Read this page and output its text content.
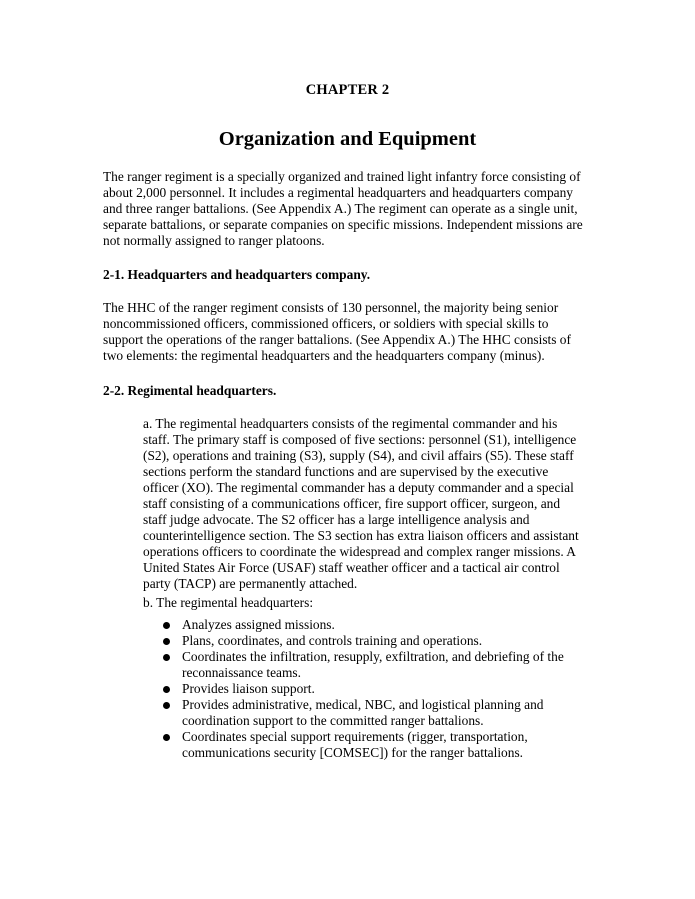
CHAPTER 2
Organization and Equipment
The ranger regiment is a specially organized and trained light infantry force consisting of
about 2,000 personnel. It includes a regimental headquarters and headquarters company
and three ranger battalions. (See Appendix A.) The regiment can operate as a single unit,
separate battalions, or separate companies on specific missions. Independent missions are
not normally assigned to ranger platoons.
2-1. Headquarters and headquarters company.
The HHC of the ranger regiment consists of 130 personnel, the majority being senior
noncommissioned officers, commissioned officers, or soldiers with special skills to
support the operations of the ranger battalions. (See Appendix A.) The HHC consists of
two elements: the regimental headquarters and the headquarters company (minus).
2-2. Regimental headquarters.
a. The regimental headquarters consists of the regimental commander and his
staff. The primary staff is composed of five sections: personnel (S1), intelligence
(S2), operations and training (S3), supply (S4), and civil affairs (S5). These staff
sections perform the standard functions and are supervised by the executive
officer (XO). The regimental commander has a deputy commander and a special
staff consisting of a communications officer, fire support officer, surgeon, and
staff judge advocate. The S2 officer has a large intelligence analysis and
counterintelligence section. The S3 section has extra liaison officers and assistant
operations officers to coordinate the widespread and complex ranger missions. A
United States Air Force (USAF) staff weather officer and a tactical air control
party (TACP) are permanently attached.
b. The regimental headquarters:
Analyzes assigned missions.
Plans, coordinates, and controls training and operations.
Coordinates the infiltration, resupply, exfiltration, and debriefing of the
reconnaissance teams.
Provides liaison support.
Provides administrative, medical, NBC, and logistical planning and
coordination support to the committed ranger battalions.
Coordinates special support requirements (rigger, transportation,
communications security [COMSEC]) for the ranger battalions.
